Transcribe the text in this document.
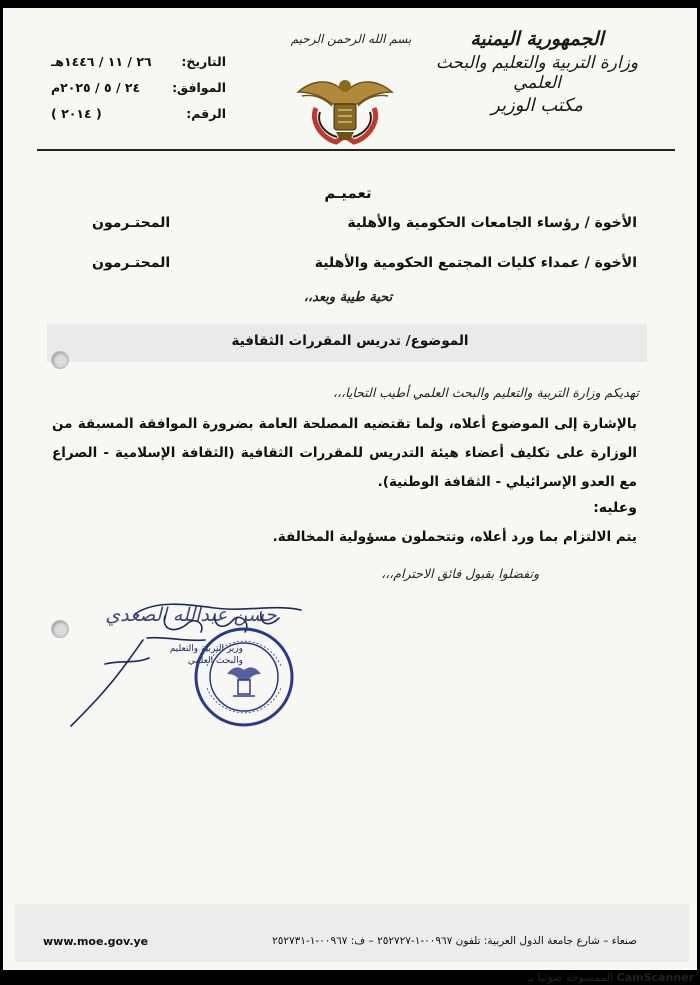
الجمهورية اليمنية
وزارة التربية والتعليم والبحث العلمي
مكتب الوزير
بسم الله الرحمن الرحيم
التاريخ:
٢٦ / ١١ / ١٤٤٦هـ
الموافق:
٢٤ / ٥ / ٢٠٢٥م
الرقم:
( ٢٠١٤ )
تعميـم
الأخوة / رؤساء الجامعات الحكومية والأهلية
المحتـرمون
الأخوة / عمداء كليات المجتمع الحكومية والأهلية
المحتـرمون
تحية طيبة وبعد،،
الموضوع/ تدريس المقررات الثقافية
تهديكم وزارة التربية والتعليم والبحث العلمي أطيب التحايا،،،
بالإشارة إلى الموضوع أعلاه، ولما تقتضيه المصلحة العامة بضرورة الموافقة المسبقة من الوزارة على تكليف أعضاء هيئة التدريس للمقررات الثقافية (الثقافة الإسلامية - الصراع مع العدو الإسرائيلي - الثقافة الوطنية).
وعليه:
يتم الالتزام بما ورد أعلاه، وتتحملون مسؤولية المخالفة.
وتفضلوا بقبول فائق الاحترام،،،
حسن عبدالله الصعدي
وزير التربية والتعليم
والبحث العلمي
صنعاء – شارع جامعة الدول العربية: تلفون ٠٠٩٦٧-١-٢٥٢٧٢٧ – ف: ٠٠٩٦٧-١-٢٥٢٧٣١
www.moe.gov.ye
الممسوحة ضوئيا بـ CamScanner
